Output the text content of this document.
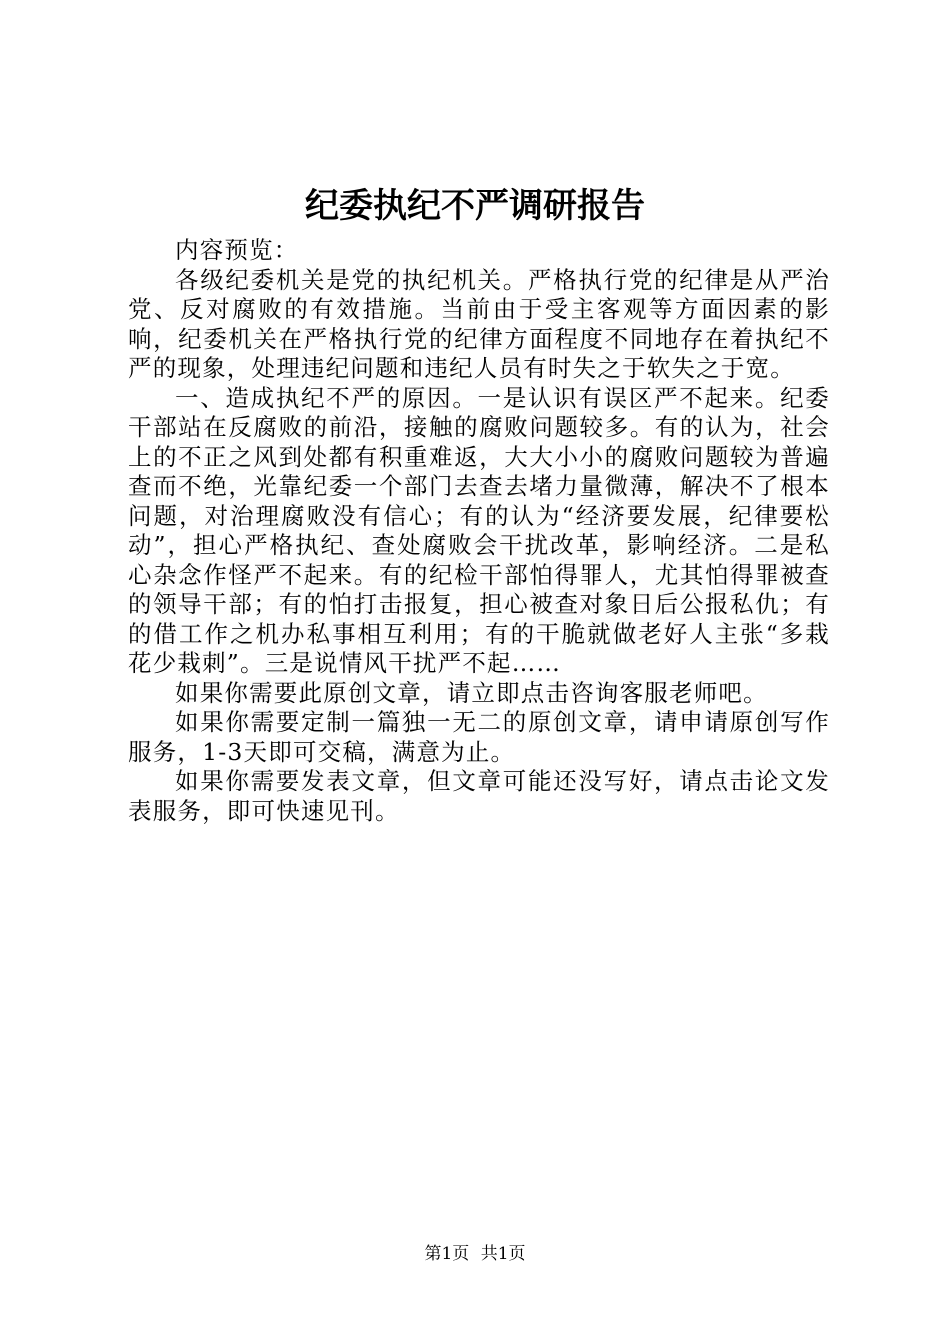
纪委执纪不严调研报告

内容预览：

各级纪委机关是党的执纪机关。严格执行党的纪律是从严治党、反对腐败的有效措施。当前由于受主客观等方面因素的影响，纪委机关在严格执行党的纪律方面程度不同地存在着执纪不严的现象，处理违纪问题和违纪人员有时失之于软失之于宽。

一、造成执纪不严的原因。一是认识有误区严不起来。纪委干部站在反腐败的前沿，接触的腐败问题较多。有的认为，社会上的不正之风到处都有积重难返，大大小小的腐败问题较为普遍查而不绝，光靠纪委一个部门去查去堵力量微薄，解决不了根本问题，对治理腐败没有信心；有的认为“经济要发展，纪律要松动”，担心严格执纪、查处腐败会干扰改革，影响经济。二是私心杂念作怪严不起来。有的纪检干部怕得罪人，尤其怕得罪被查的领导干部；有的怕打击报复，担心被查对象日后公报私仇；有的借工作之机办私事相互利用；有的干脆就做老好人主张“多栽花少栽刺”。三是说情风干扰严不起……

如果你需要此原创文章，请立即点击咨询客服老师吧。

如果你需要定制一篇独一无二的原创文章，请申请原创写作服务，1-3天即可交稿，满意为止。

如果你需要发表文章，但文章可能还没写好，请点击论文发表服务，即可快速见刊。

第1页 共1页
